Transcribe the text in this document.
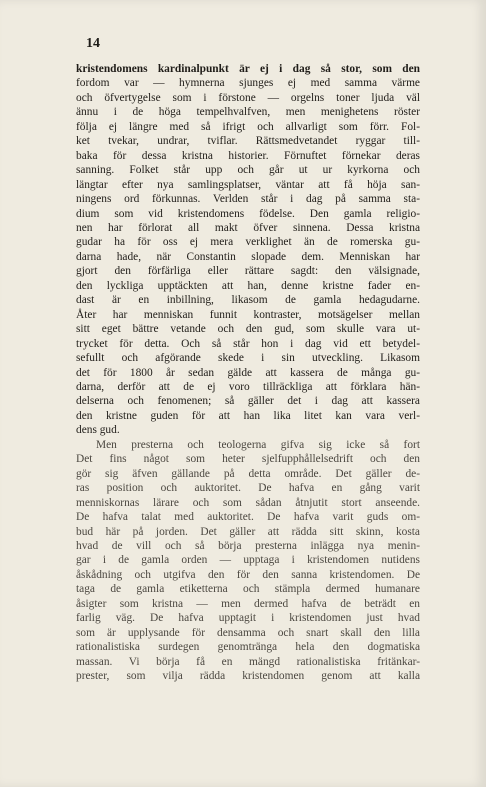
14
kristendomens kardinalpunkt är ej i dag så stor, som den
fordom var — hymnerna sjunges ej med samma värme
och öfvertygelse som i förstone — orgelns toner ljuda väl
ännu i de höga tempelhvalfven, men menighetens röster
följa ej längre med så ifrigt och allvarligt som förr. Fol-
ket tvekar, undrar, tviflar. Rättsmedvetandet ryggar till-
baka för dessa kristna historier. Förnuftet förnekar deras
sanning. Folket står upp och går ut ur kyrkorna och
längtar efter nya samlingsplatser, väntar att få höja san-
ningens ord förkunnas. Verlden står i dag på samma sta-
dium som vid kristendomens födelse. Den gamla religio-
nen har förlorat all makt öfver sinnena. Dessa kristna
gudar ha för oss ej mera verklighet än de romerska gu-
darna hade, när Constantin slopade dem. Menniskan har
gjort den förfärliga eller rättare sagdt: den välsignade,
den lyckliga upptäckten att han, denne kristne fader en-
dast är en inbillning, likasom de gamla hedagudarne.
Åter har menniskan funnit kontraster, motsägelser mellan
sitt eget bättre vetande och den gud, som skulle vara ut-
trycket för detta. Och så står hon i dag vid ett betydel-
sefullt och afgörande skede i sin utveckling. Likasom
det för 1800 år sedan gälde att kassera de många gu-
darna, derför att de ej voro tillräckliga att förklara hän-
delserna och fenomenen; så gäller det i dag att kassera
den kristne guden för att han lika litet kan vara verl-
dens gud.
Men presterna och teologerna gifva sig icke så fort
Det fins något som heter sjelfupphållelsedrift och den
gör sig äfven gällande på detta område. Det gäller de-
ras position och auktoritet. De hafva en gång varit
menniskornas lärare och som sådan åtnjutit stort anseende.
De hafva talat med auktoritet. De hafva varit guds om-
bud här på jorden. Det gäller att rädda sitt skinn, kosta
hvad de vill och så börja presterna inlägga nya menin-
gar i de gamla orden — upptaga i kristendomen nutidens
åskådning och utgifva den för den sanna kristendomen. De
taga de gamla etiketterna och stämpla dermed humanare
åsigter som kristna — men dermed hafva de beträdt en
farlig väg. De hafva upptagit i kristendomen just hvad
som är upplysande för densamma och snart skall den lilla
rationalistiska surdegen genomtränga hela den dogmatiska
massan. Vi börja få en mängd rationalistiska fritänkar-
prester, som vilja rädda kristendomen genom att kalla
